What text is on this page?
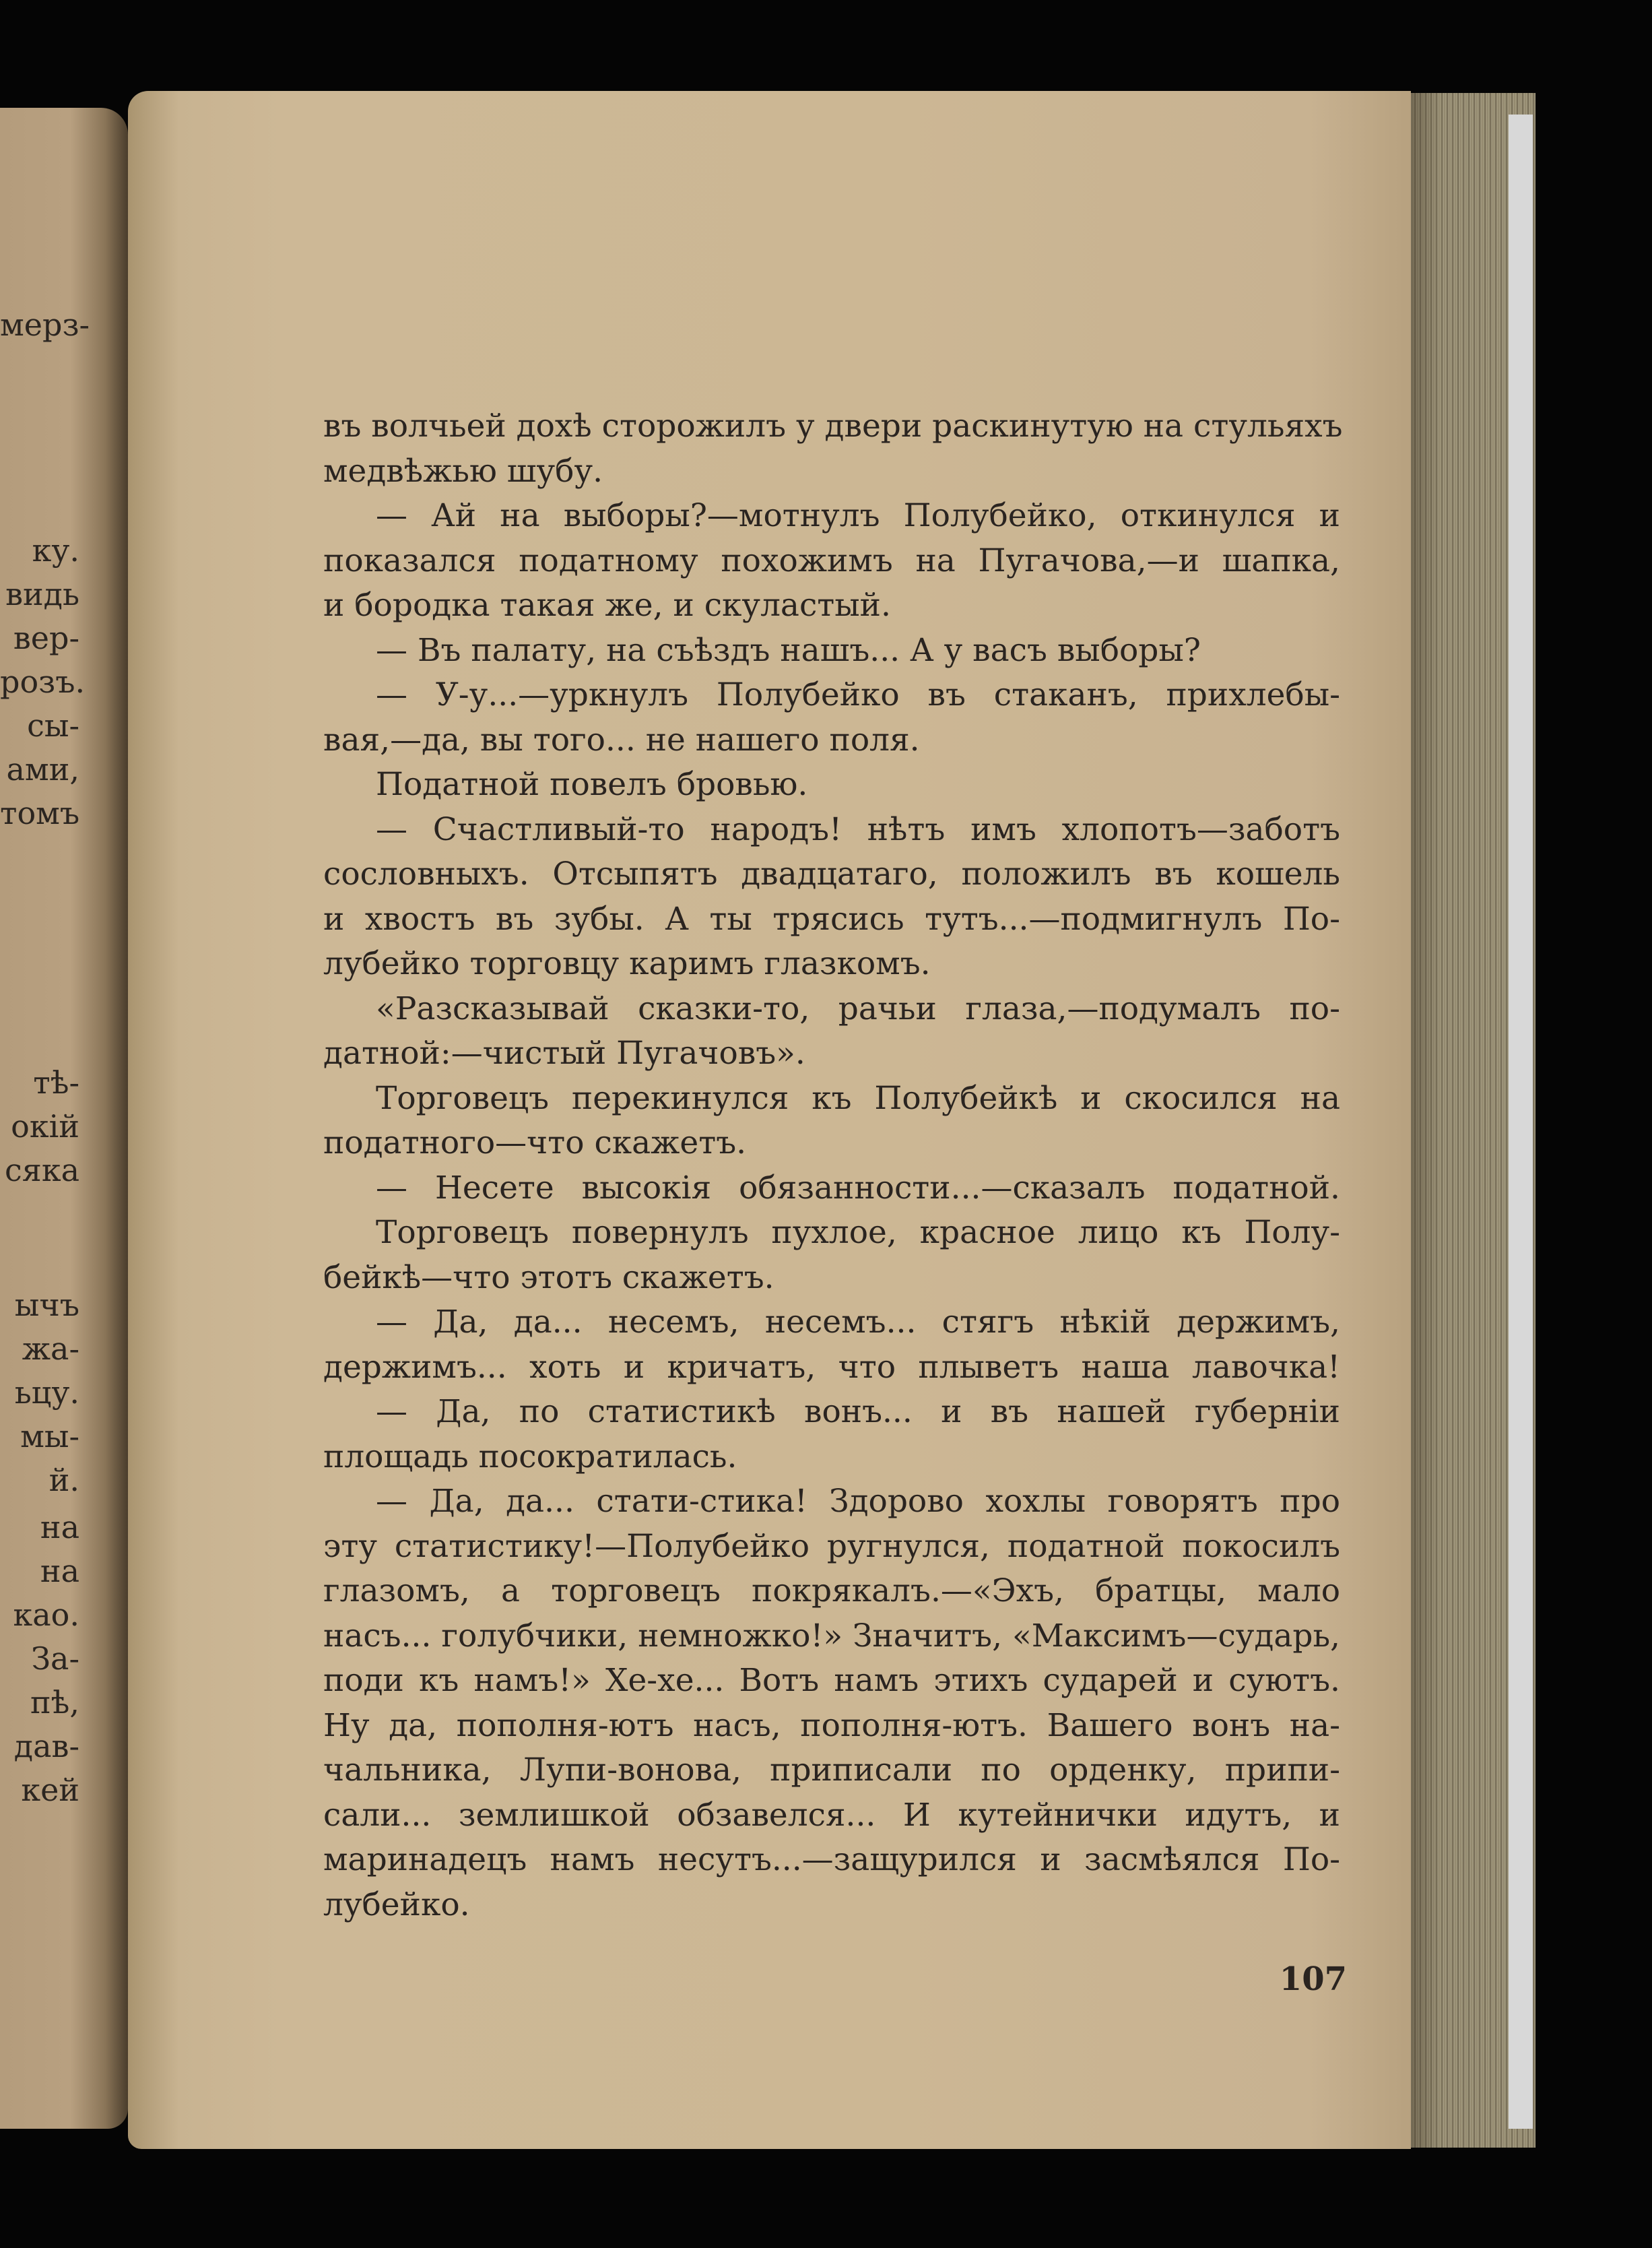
мерз-
ку.
видь
вер-
розъ.
сы-
ами,
томъ
тѣ-
окій
сяка
ычъ
жа-
ьцу.
мы-
й.
на
на
као.
За-
пѣ,
дав-
кей
въ волчьей дохѣ сторожилъ у двери раскинутую на стульяхъ
медвѣжью шубу.
— Ай на выборы?—мотнулъ Полубейко, откинулся и
показался податному похожимъ на Пугачова,—и шапка,
и бородка такая же, и скуластый.
— Въ палату, на съѣздъ нашъ... А у васъ выборы?
— У-у...—уркнулъ Полубейко въ стаканъ, прихлебы-
вая,—да, вы того... не нашего поля.
Податной повелъ бровью.
— Счастливый-то народъ! нѣтъ имъ хлопотъ—заботъ
сословныхъ. Отсыпятъ двадцатаго, положилъ въ кошель
и хвостъ въ зубы. А ты трясись тутъ...—подмигнулъ По-
лубейко торговцу каримъ глазкомъ.
«Разсказывай сказки-то, рачьи глаза,—подумалъ по-
датной:—чистый Пугачовъ».
Торговецъ перекинулся къ Полубейкѣ и скосился на
податного—что скажетъ.
— Несете высокія обязанности...—сказалъ податной.
Торговецъ повернулъ пухлое, красное лицо къ Полу-
бейкѣ—что этотъ скажетъ.
— Да, да... несемъ, несемъ... стягъ нѣкій держимъ,
держимъ... хоть и кричатъ, что плыветъ наша лавочка!
— Да, по статистикѣ вонъ... и въ нашей губерніи
площадь посократилась.
— Да, да... стати-стика! Здорово хохлы говорятъ про
эту статистику!—Полубейко ругнулся, податной покосилъ
глазомъ, а торговецъ покрякалъ.—«Эхъ, братцы, мало
насъ... голубчики, немножко!» Значитъ, «Максимъ—сударь,
поди къ намъ!» Хе-хе... Вотъ намъ этихъ сударей и суютъ.
Ну да, пополня-ютъ насъ, пополня-ютъ. Вашего вонъ на-
чальника, Лупи-вонова, приписали по орденку, припи-
сали... землишкой обзавелся... И кутейнички идутъ, и
маринадецъ намъ несутъ...—защурился и засмѣялся По-
лубейко.
107
